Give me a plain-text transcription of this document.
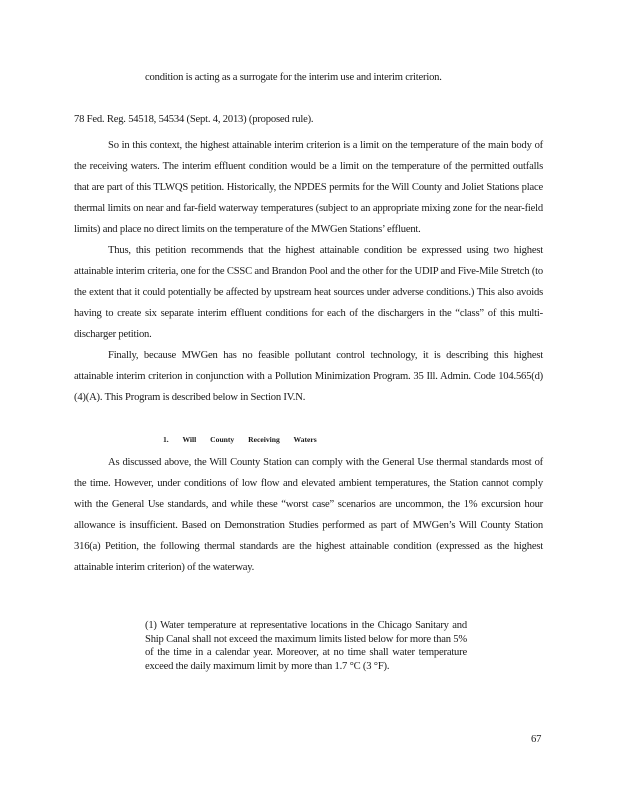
condition is acting as a surrogate for the interim use and interim criterion.
78 Fed. Reg. 54518, 54534 (Sept. 4, 2013) (proposed rule).

So in this context, the highest attainable interim criterion is a limit on the temperature of the main body of the receiving waters. The interim effluent condition would be a limit on the temperature of the permitted outfalls that are part of this TLWQS petition. Historically, the NPDES permits for the Will County and Joliet Stations place thermal limits on near and far-field waterway temperatures (subject to an appropriate mixing zone for the near-field limits) and place no direct limits on the temperature of the MWGen Stations’ effluent.

Thus, this petition recommends that the highest attainable condition be expressed using two highest attainable interim criteria, one for the CSSC and Brandon Pool and the other for the UDIP and Five-Mile Stretch (to the extent that it could potentially be affected by upstream heat sources under adverse conditions.) This also avoids having to create six separate interim effluent conditions for each of the dischargers in the “class” of this multi-discharger petition.

Finally, because MWGen has no feasible pollutant control technology, it is describing this highest attainable interim criterion in conjunction with a Pollution Minimization Program. 35 Ill. Admin. Code 104.565(d)(4)(A). This Program is described below in Section IV.N.

1. Will County Receiving Waters

As discussed above, the Will County Station can comply with the General Use thermal standards most of the time. However, under conditions of low flow and elevated ambient temperatures, the Station cannot comply with the General Use standards, and while these “worst case” scenarios are uncommon, the 1% excursion hour allowance is insufficient. Based on Demonstration Studies performed as part of MWGen’s Will County Station 316(a) Petition, the following thermal standards are the highest attainable condition (expressed as the highest attainable interim criterion) of the waterway.

(1) Water temperature at representative locations in the Chicago Sanitary and Ship Canal shall not exceed the maximum limits listed below for more than 5% of the time in a calendar year. Moreover, at no time shall water temperature exceed the daily maximum limit by more than 1.7 °C (3 °F).
67
